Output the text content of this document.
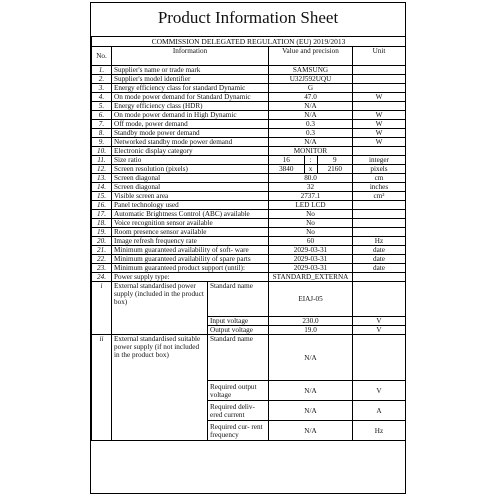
Product Information Sheet
COMMISSION DELEGATED REGULATION (EU) 2019/2013				
No.	Information		Value and precision	Unit
1.	Supplier's name or trade mark		SAMSUNG	
2.	Supplier's model identifier		U32J592UQU	
3.	Energy efficiency class for standard Dynamic		G	
4.	On mode power demand for Standard Dynamic		47.0	W
5.	Energy efficiency class (HDR)		N/A	
6.	On mode power demand in High Dynamic		N/A	W
7.	Off mode, power demand		0.3	W
8.	Standby mode power demand		0.3	W
9.	Networked standby mode power demand		N/A	W
10.	Electronic display category		MONITOR	
11.	Size ratio		16 : 9	integer
12.	Screen resolution (pixels)		3840 x 2160	pixels
13.	Screen diagonal		80.0	cm
14.	Screen diagonal		32	inches
15.	Visible screen area		2737.1	cm²
16.	Panel technology used		LED LCD	
17.	Automatic Brightness Control (ABC) available		No	
18.	Voice recognition sensor available		No	
19.	Room presence sensor available		No	
20.	Image refresh frequency rate		60	Hz
21.	Minimum guaranteed availability of soft- ware		2029-03-31	date
22.	Minimum guaranteed availability of spare parts		2029-03-31	date
23.	Minimum guaranteed product support (until):		2029-03-31	date
24.	Power supply type:		STANDARD_EXTERNA	
i	External standardised power supply (included in the product box)	Standard name	EIAJ-05	
		Input voltage	230.0	V
		Output voltage	19.0	V
ii	External standardised suitable power supply (if not included in the product box)	Standard name	N/A	
		Required output voltage	N/A	V
		Required deliv- ered current	N/A	A
		Required cur- rent frequency	N/A	Hz
